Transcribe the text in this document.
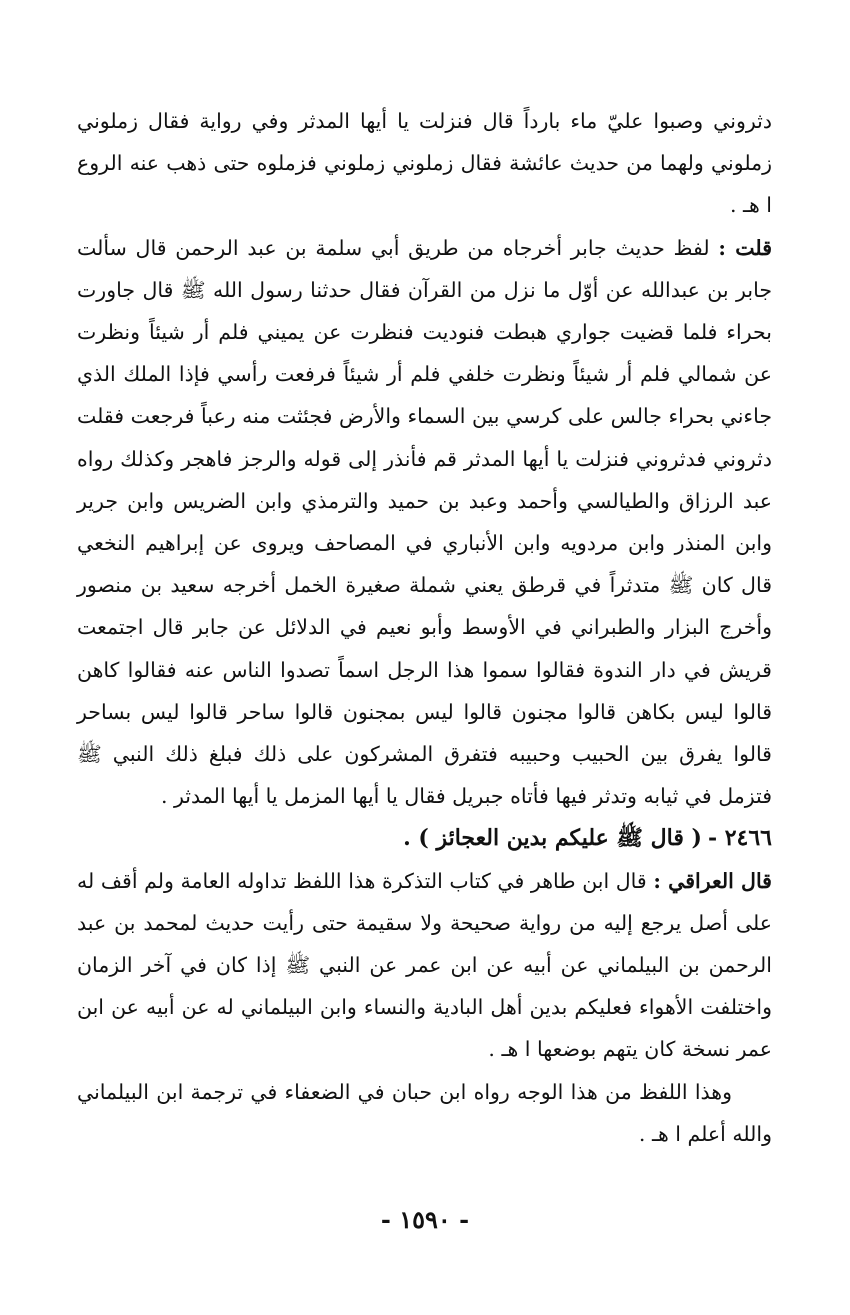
دثروني وصبوا عليّ ماء بارداً قال فنزلت يا أيها المدثر وفي رواية فقال زملوني زملوني ولهما من حديث عائشة فقال زملوني زملوني فزملوه حتى ذهب عنه الروع ا هـ .

قلت : لفظ حديث جابر أخرجاه من طريق أبي سلمة بن عبد الرحمن قال سألت جابر بن عبدالله عن أوّل ما نزل من القرآن فقال حدثنا رسول الله ﷺ قال جاورت بحراء فلما قضيت جواري هبطت فنوديت فنظرت عن يميني فلم أر شيئاً ونظرت عن شمالي فلم أر شيئاً ونظرت خلفي فلم أر شيئاً فرفعت رأسي فإذا الملك الذي جاءني بحراء جالس على كرسي بين السماء والأرض فجئثت منه رعباً فرجعت فقلت دثروني فدثروني فنزلت يا أيها المدثر قم فأنذر إلى قوله والرجز فاهجر وكذلك رواه عبد الرزاق والطيالسي وأحمد وعبد بن حميد والترمذي وابن الضريس وابن جرير وابن المنذر وابن مردويه وابن الأنباري في المصاحف ويروى عن إبراهيم النخعي قال كان ﷺ متدثراً في قرطق يعني شملة صغيرة الخمل أخرجه سعيد بن منصور وأخرج البزار والطبراني في الأوسط وأبو نعيم في الدلائل عن جابر قال اجتمعت قريش في دار الندوة فقالوا سموا هذا الرجل اسماً تصدوا الناس عنه فقالوا كاهن قالوا ليس بكاهن قالوا مجنون قالوا ليس بمجنون قالوا ساحر قالوا ليس بساحر قالوا يفرق بين الحبيب وحبيبه فتفرق المشركون على ذلك فبلغ ذلك النبي ﷺ فتزمل في ثيابه وتدثر فيها فأتاه جبريل فقال يا أيها المزمل يا أيها المدثر .

٢٤٦٦ -( قال ﷺ عليكم بدين العجائز ) .

قال العراقي : قال ابن طاهر في كتاب التذكرة هذا اللفظ تداوله العامة ولم أقف له على أصل يرجع إليه من رواية صحيحة ولا سقيمة حتى رأيت حديث لمحمد بن عبد الرحمن بن البيلماني عن أبيه عن ابن عمر عن النبي ﷺ إذا كان في آخر الزمان واختلفت الأهواء فعليكم بدين أهل البادية والنساء وابن البيلماني له عن أبيه عن ابن عمر نسخة كان يتهم بوضعها ا هـ .

وهذا اللفظ من هذا الوجه رواه ابن حبان في الضعفاء في ترجمة ابن البيلماني والله أعلم ا هـ .

- ١٥٩٠ -
